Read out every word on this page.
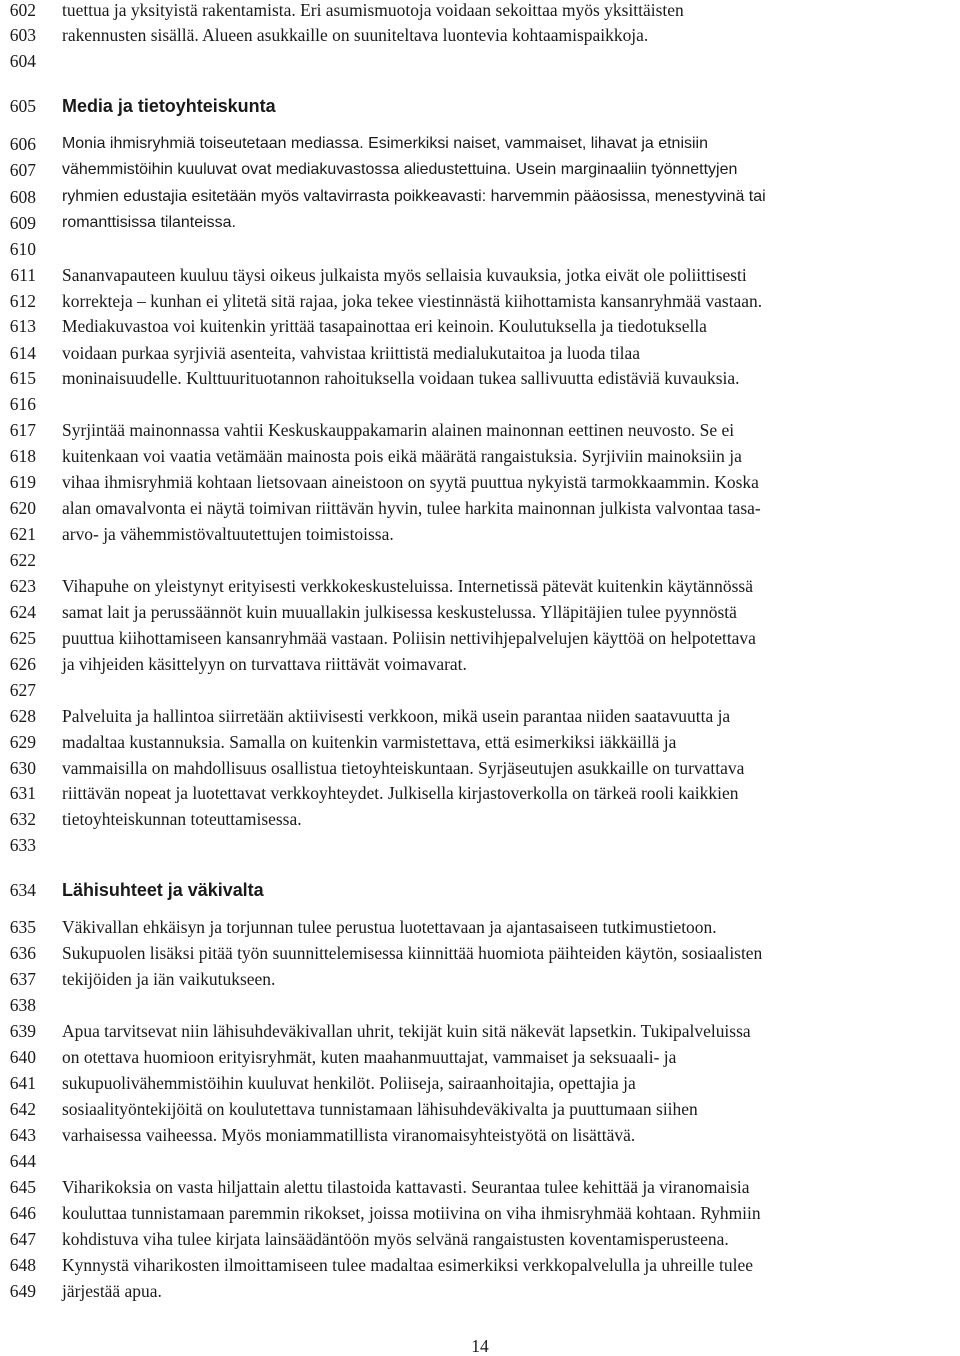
602
603
604
605
606
607
608
609
610
611
612
613
614
615
616
617
618
619
620
621
622
623
624
625
626
627
628
629
630
631
632
633
634
635
636
637
638
639
640
641
642
643
644
645
646
647
648
649
tuettua ja yksityistä rakentamista. Eri asumismuotoja voidaan sekoittaa myös yksittäisten
rakennusten sisällä. Alueen asukkaille on suuniteltava luontevia kohtaamispaikkoja.
Media ja tietoyhteiskunta
Monia ihmisryhmiä toiseutetaan mediassa. Esimerkiksi naiset, vammaiset, lihavat ja etnisiin
vähemmistöihin kuuluvat ovat mediakuvastossa aliedustettuina. Usein marginaaliin työnnettyjen
ryhmien edustajia esitetään myös valtavirrasta poikkeavasti: harvemmin pääosissa, menestyvinä tai
romanttisissa tilanteissa.
Sananvapauteen kuuluu täysi oikeus julkaista myös sellaisia kuvauksia, jotka eivät ole poliittisesti
korrekteja – kunhan ei ylitetä sitä rajaa, joka tekee viestinnästä kiihottamista kansanryhmää vastaan.
Mediakuvastoa voi kuitenkin yrittää tasapainottaa eri keinoin. Koulutuksella ja tiedotuksella
voidaan purkaa syrjiviä asenteita, vahvistaa kriittistä medialukutaitoa ja luoda tilaa
moninaisuudelle. Kulttuurituotannon rahoituksella voidaan tukea sallivuutta edistäviä kuvauksia.
Syrjintää mainonnassa vahtii Keskuskauppakamarin alainen mainonnan eettinen neuvosto. Se ei
kuitenkaan voi vaatia vetämään mainosta pois eikä määrätä rangaistuksia. Syrjiviin mainoksiin ja
vihaa ihmisryhmiä kohtaan lietsovaan aineistoon on syytä puuttua nykyistä tarmokkaammin. Koska
alan omavalvonta ei näytä toimivan riittävän hyvin, tulee harkita mainonnan julkista valvontaa tasa-
arvo- ja vähemmistövaltuutettujen toimistoissa.
Vihapuhe on yleistynyt erityisesti verkkokeskusteluissa. Internetissä pätevät kuitenkin käytännössä
samat lait ja perussäännöt kuin muuallakin julkisessa keskustelussa. Ylläpitäjien tulee pyynnöstä
puuttua kiihottamiseen kansanryhmää vastaan. Poliisin nettivihjepalvelujen käyttöä on helpotettava
ja vihjeiden käsittelyyn on turvattava riittävät voimavarat.
Palveluita ja hallintoa siirretään aktiivisesti verkkoon, mikä usein parantaa niiden saatavuutta ja
madaltaa kustannuksia. Samalla on kuitenkin varmistettava, että esimerkiksi iäkkäillä ja
vammaisilla on mahdollisuus osallistua tietoyhteiskuntaan. Syrjäseutujen asukkaille on turvattava
riittävän nopeat ja luotettavat verkkoyhteydet. Julkisella kirjastoverkolla on tärkeä rooli kaikkien
tietoyhteiskunnan toteuttamisessa.
Lähisuhteet ja väkivalta
Väkivallan ehkäisyn ja torjunnan tulee perustua luotettavaan ja ajantasaiseen tutkimustietoon.
Sukupuolen lisäksi pitää työn suunnittelemisessa kiinnittää huomiota päihteiden käytön, sosiaalisten
tekijöiden ja iän vaikutukseen.
Apua tarvitsevat niin lähisuhdeväkivallan uhrit, tekijät kuin sitä näkevät lapsetkin. Tukipalveluissa
on otettava huomioon erityisryhmät, kuten maahanmuuttajat, vammaiset ja seksuaali- ja
sukupuolivähemmistöihin kuuluvat henkilöt. Poliiseja, sairaanhoitajia, opettajia ja
sosiaalityöntekijöitä on koulutettava tunnistamaan lähisuhdeväkivalta ja puuttumaan siihen
varhaisessa vaiheessa. Myös moniammatillista viranomaisyhteistyötä on lisättävä.
Viharikoksia on vasta hiljattain alettu tilastoida kattavasti. Seurantaa tulee kehittää ja viranomaisia
kouluttaa tunnistamaan paremmin rikokset, joissa motiivina on viha ihmisryhmää kohtaan. Ryhmiin
kohdistuva viha tulee kirjata lainsäädäntöön myös selvänä rangaistusten koventamisperusteena.
Kynnystä viharikosten ilmoittamiseen tulee madaltaa esimerkiksi verkkopalvelulla ja uhreille tulee
järjestää apua.
14
